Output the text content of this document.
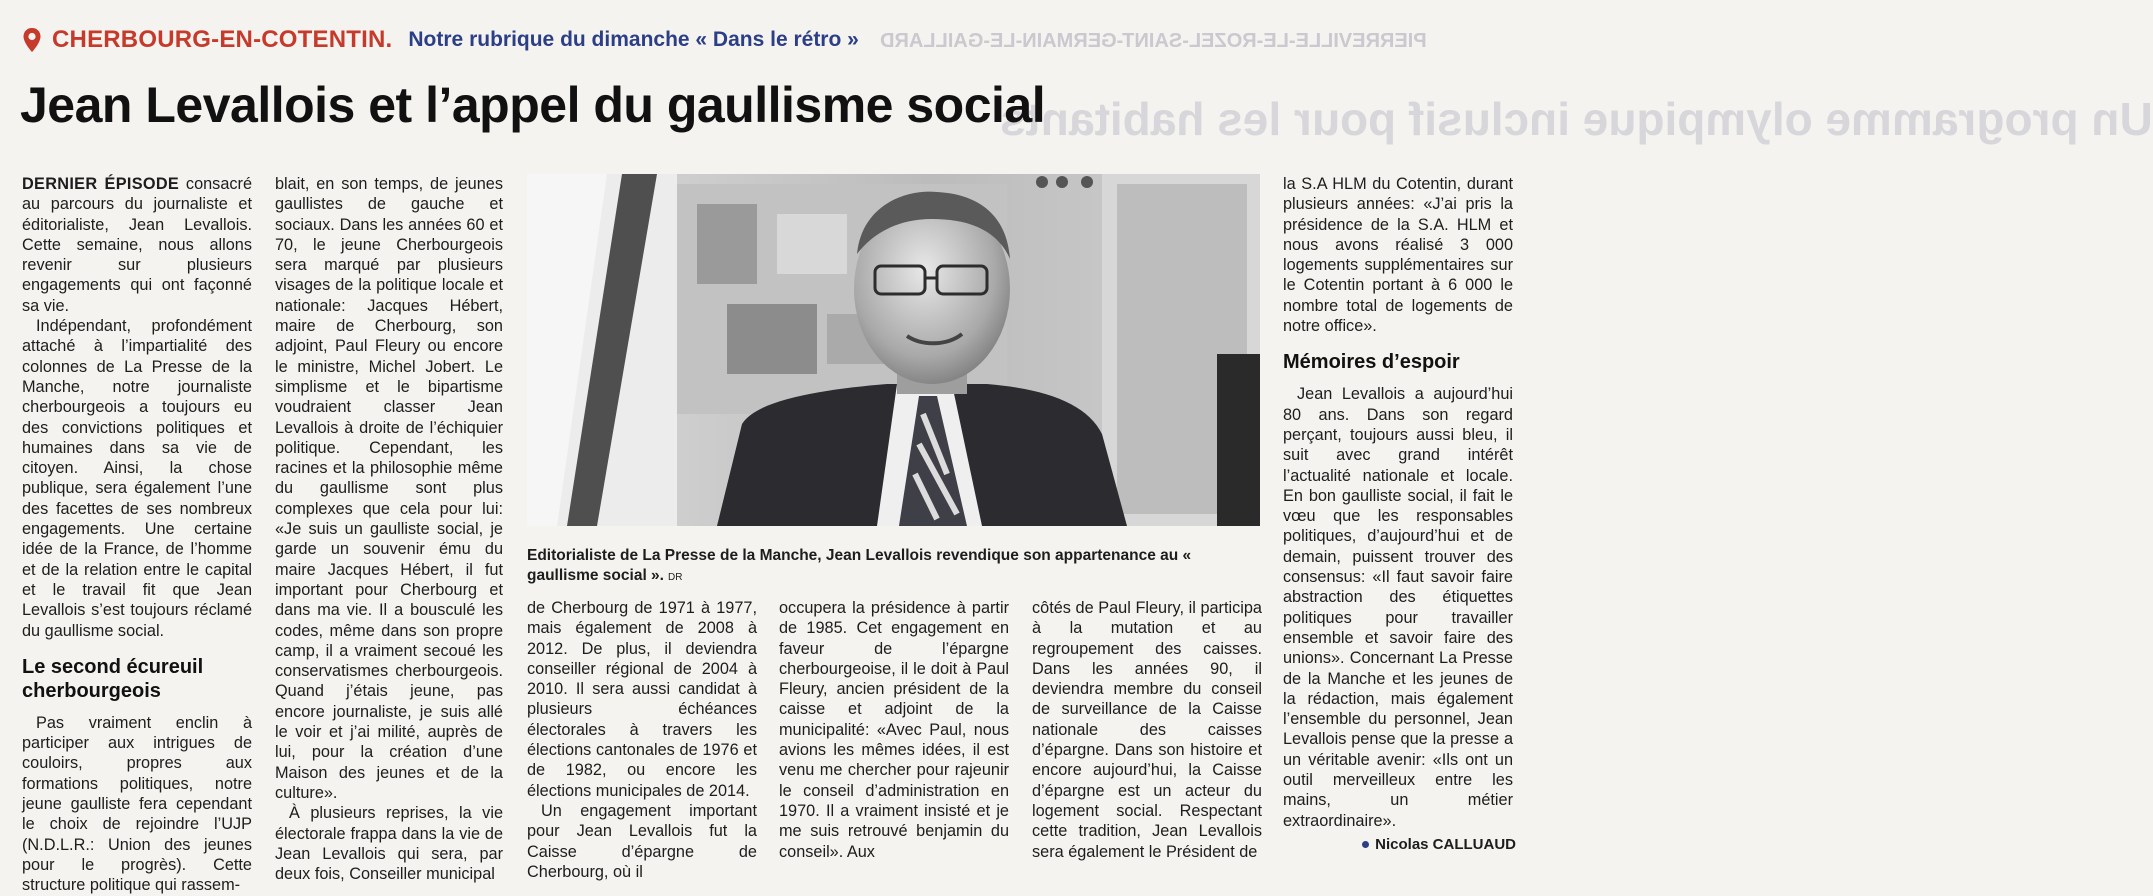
PIERREVILLE-LE-ROZEL-SAINT-GERMAIN-LE-GAILLARD
Un programme olympique inclusif pour les habitants
CHERBOURG-EN-COTENTIN. Notre rubrique du dimanche « Dans le rétro »
Jean Levallois et l’appel du gaullisme social

DERNIER ÉPISODE consacré au parcours du journaliste et éditorialiste, Jean Levallois. Cette semaine, nous allons revenir sur plusieurs engagements qui ont façonné sa vie.

Indépendant, profondément attaché à l’impartialité des colonnes de La Presse de la Manche, notre journaliste cherbourgeois a toujours eu des convictions politiques et humaines dans sa vie de citoyen. Ainsi, la chose publique, sera également l’une des facettes de ses nombreux engagements. Une certaine idée de la France, de l’homme et de la relation entre le capital et le travail fit que Jean Levallois s’est toujours réclamé du gaullisme social.

Le second écureuil cherbourgeois

Pas vraiment enclin à participer aux intrigues de couloirs, propres aux formations politiques, notre jeune gaulliste fera cependant le choix de rejoindre l’UJP (N.D.L.R.: Union des jeunes pour le progrès). Cette structure politique qui rassem-

blait, en son temps, de jeunes gaullistes de gauche et sociaux. Dans les années 60 et 70, le jeune Cherbourgeois sera marqué par plusieurs visages de la politique locale et nationale: Jacques Hébert, maire de Cherbourg, son adjoint, Paul Fleury ou encore le ministre, Michel Jobert. Le simplisme et le bipartisme voudraient classer Jean Levallois à droite de l’échiquier politique. Cependant, les racines et la philosophie même du gaullisme sont plus complexes que cela pour lui: «Je suis un gaulliste social, je garde un souvenir ému du maire Jacques Hébert, il fut important pour Cherbourg et dans ma vie. Il a bousculé les codes, même dans son propre camp, il a vraiment secoué les conservatismes cherbourgeois. Quand j’étais jeune, pas encore journaliste, je suis allé le voir et j’ai milité, auprès de lui, pour la création d’une Maison des jeunes et de la culture».

À plusieurs reprises, la vie électorale frappa dans la vie de Jean Levallois qui sera, par deux fois, Conseiller municipal

Editorialiste de La Presse de la Manche, Jean Levallois revendique son appartenance au « gaullisme social ». DR

de Cherbourg de 1971 à 1977, mais également de 2008 à 2012. De plus, il deviendra conseiller régional de 2004 à 2010. Il sera aussi candidat à plusieurs échéances électorales à travers les élections cantonales de 1976 et de 1982, ou encore les élections municipales de 2014.

Un engagement important pour Jean Levallois fut la Caisse d’épargne de Cherbourg, où il

occupera la présidence à partir de 1985. Cet engagement en faveur de l’épargne cherbourgeoise, il le doit à Paul Fleury, ancien président de la caisse et adjoint de la municipalité: «Avec Paul, nous avions les mêmes idées, il est venu me chercher pour rajeunir le conseil d’administration en 1970. Il a vraiment insisté et je me suis retrouvé benjamin du conseil». Aux

côtés de Paul Fleury, il participa à la mutation et au regroupement des caisses. Dans les années 90, il deviendra membre du conseil de surveillance de la Caisse nationale des caisses d’épargne. Dans son histoire et encore aujourd’hui, la Caisse d’épargne est un acteur du logement social. Respectant cette tradition, Jean Levallois sera également le Président de

la S.A HLM du Cotentin, durant plusieurs années: «J’ai pris la présidence de la S.A. HLM et nous avons réalisé 3 000 logements supplémentaires sur le Cotentin portant à 6 000 le nombre total de logements de notre office».

Mémoires d’espoir

Jean Levallois a aujourd’hui 80 ans. Dans son regard perçant, toujours aussi bleu, il suit avec grand intérêt l’actualité nationale et locale. En bon gaulliste social, il fait le vœu que les responsables politiques, d’aujourd’hui et de demain, puissent trouver des consensus: «Il faut savoir faire abstraction des étiquettes politiques pour travailler ensemble et savoir faire des unions». Concernant La Presse de la Manche et les jeunes de la rédaction, mais également l’ensemble du personnel, Jean Levallois pense que la presse a un véritable avenir: «Ils ont un outil merveilleux entre les mains, un métier extraordinaire».

Nicolas CALLUAUD
